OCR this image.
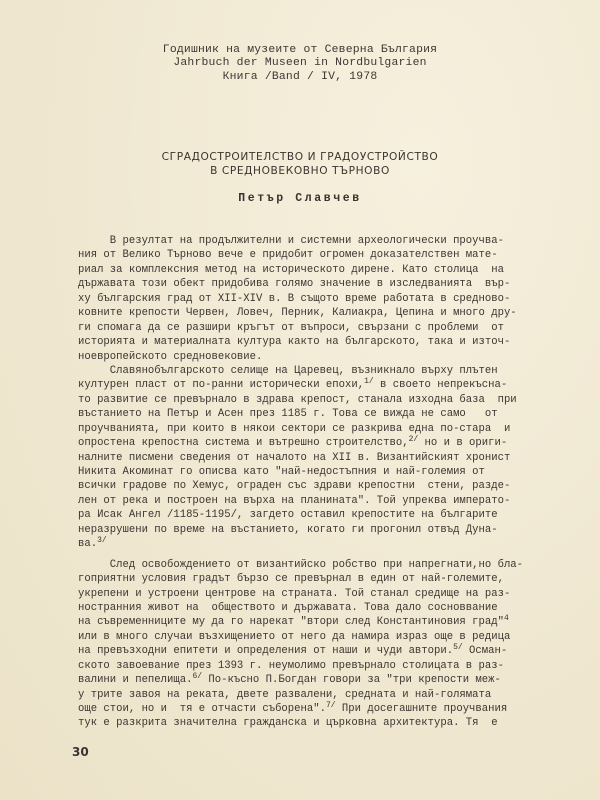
Годишник на музеите от Северна България
Jahrbuch der Museen in Nordbulgarien
Книга /Band / IV, 1978
СГРАДОСТРОИТЕЛСТВО И ГРАДОУСТРОЙСТВО
В СРЕДНОВЕКОВНО ТЪРНОВО
Петър Славчев
В резултат на продължителни и системни археологически проучва-
ния от Велико Търново вече е придобит огромен доказателствен мате-
риал за комплексния метод на историческото дирене. Като столица  на
държавата този обект придобива голямо значение в изследванията  вър-
ху българския град от XII-XIV в. В същото време работата в средново-
ковните крепости Червен, Ловеч, Перник, Калиакра, Цепина и много дру-
ги спомага да се разшири кръгът от въпроси, свързани с проблеми  от
историята и материалната култура както на българското, така и източ-
ноевропейското средновековие.
Славянобългарското селище на Царевец, възникнало върху плътен
културен пласт от по-ранни исторически епохи,$^{1/}$ в своето непрекъсна-
то развитие се превърнало в здрава крепост, станала изходна база  при
въстанието на Петър и Асен през 1185 г. Това се вижда не само   от
проучванията, при които в някои сектори се разкрива една по-стара  и
опростена крепостна система и вътрешно строителство,$^{2/}$ но и в ориги-
налните писмени сведения от началото на XII в. Византийският хронист
Никита Акоминат го описва като "най-недостъпния и най-големия от
всички градове по Хемус, ограден със здрави крепостни  стени, разде-
лен от река и построен на върха на планината". Той упреква императо-
ра Исак Ангел /1185-1195/, загдето оставил крепостите на българите
неразрушени по време на въстанието, когато ги прогонил отвъд Дуна-
ва.$^{3/}$
След освобождението от византийско робство при напрегнати,но бла-
гоприятни условия градът бързо се превърнал в един от най-големите,
укрепени и устроени центрове на страната. Той станал средище на раз-
ностранния живот на  обществото и държавата. Това дало сосноввание
на съвременниците му да го нарекат "втори след Константиновия град"$^4$
или в много случаи възхищението от него да намира израз още в редица
на превъзходни епитети и определения от наши и чуди автори.$^{5/}$ Осман-
ското завоевание през 1393 г. неумолимо превърнало столицата в раз-
валини и пепелища.$^{6/}$ По-късно П.Богдан говори за "три крепости меж-
у трите завоя на реката, двете развалени, средната и най-голямата
още стои, но и  тя е отчасти съборена".$^{7/}$ При досегашните проучвания
тук е разкрита значителна гражданска и църковна архитектура. Тя  е
30
